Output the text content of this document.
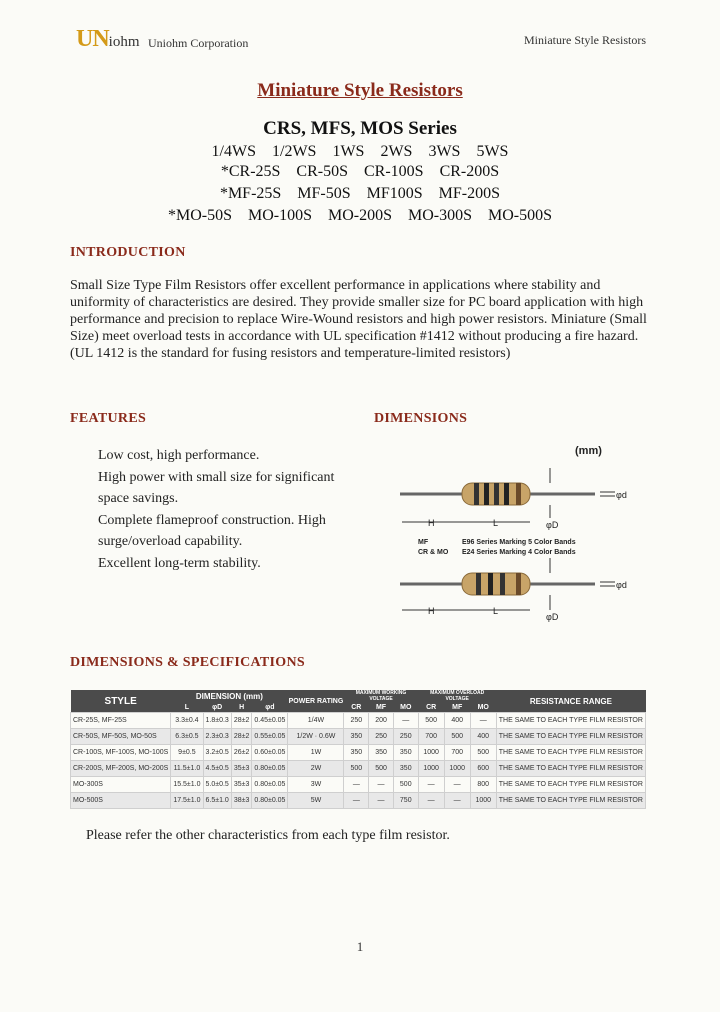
UNiohm Uniohm Corporation	Miniature Style Resistors
Miniature Style Resistors
CRS, MFS, MOS Series
1/4WS 1/2WS 1WS 2WS 3WS 5WS
*CR-25S CR-50S CR-100S CR-200S
*MF-25S MF-50S MF100S MF-200S
*MO-50S MO-100S MO-200S MO-300S MO-500S
INTRODUCTION
Small Size Type Film Resistors offer excellent performance in applications where stability and uniformity of characteristics are desired. They provide smaller size for PC board application with high performance and precision to replace Wire-Wound resistors and high power resistors. Miniature (Small Size) meet overload tests in accordance with UL specification #1412 without producing a fire hazard. (UL 1412 is the standard for fusing resistors and temperature-limited resistors)
FEATURES
Low cost, high performance.
High power with small size for significant
space savings.
Complete flameproof construction. High
surge/overload capability.
Excellent long-term stability.
DIMENSIONS
(mm)
φd
H	L	φD
MF	E96 Series Marking 5 Color Bands
CR & MO E24 Series Marking 4 Color Bands
φd
H	L
φD
DIMENSIONS & SPECIFICATIONS
STYLE	DIMENSION (mm)				POWER RATING	MAXIMUM WORKING VOLTAGE			MAXIMUM OVERLOAD VOLTAGE			RESISTANCE RANGE
	L	φD	H	φd		CR	MF	MO	CR	MF	MO	
CR-25S, MF-25S	3.3±0.4	1.8±0.3	28±2	0.45±0.05	1/4W	250	200	—	500	400	—	THE SAME TO EACH TYPE FILM RESISTOR
CR-50S, MF-50S, MO-50S	6.3±0.5	2.3±0.3	28±2	0.55±0.05	1/2W · 0.6W	350	250	250	700	500	400	THE SAME TO EACH TYPE FILM RESISTOR
CR-100S, MF-100S, MO-100S	9±0.5	3.2±0.5	26±2	0.60±0.05	1W	350	350	350	1000	700	500	THE SAME TO EACH TYPE FILM RESISTOR
CR-200S, MF-200S, MO-200S	11.5±1.0	4.5±0.5	35±3	0.80±0.05	2W	500	500	350	1000	1000	600	THE SAME TO EACH TYPE FILM RESISTOR
MO-300S	15.5±1.0	5.0±0.5	35±3	0.80±0.05	3W	—	—	500	—	—	800	THE SAME TO EACH TYPE FILM RESISTOR
MO-500S	17.5±1.0	6.5±1.0	38±3	0.80±0.05	5W	—	—	750	—	—	1000	THE SAME TO EACH TYPE FILM RESISTOR
Please refer the other characteristics from each type film resistor.
1
